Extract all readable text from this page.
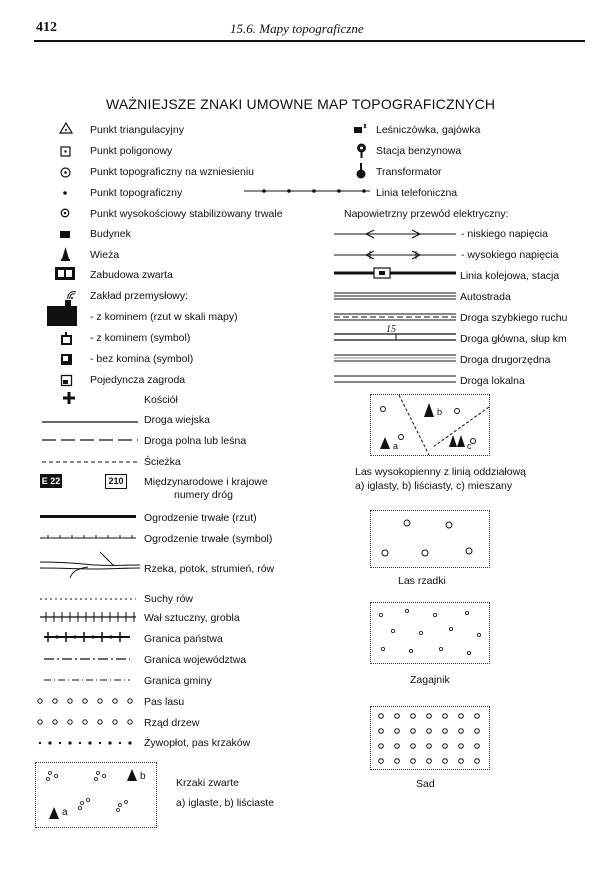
412	15.6. Mapy topograficzne
WAŻNIEJSZE ZNAKI UMOWNE MAP TOPOGRAFICZNYCH
Punkt triangulacyjny
Punkt poligonowy
Punkt topograficzny na wzniesieniu
Punkt topograficzny
Punkt wysokościowy stabilizowany trwale
Budynek
Wieża
Zabudowa zwarta
Zakład przemysłowy:
- z kominem (rzut w skali mapy)
- z kominem (symbol)
- bez komina (symbol)
Pojedyncza zagroda
Leśniczówka, gajówka
Stacja benzynowa
Transformator
Linia telefoniczna
Napowietrzny przewód elektryczny:
- niskiego napięcia
- wysokiego napięcia
Linia kolejowa, stacja
Autostrada
Droga szybkiego ruchu
15
Droga główna, słup km
Droga drugorzędna
Droga lokalna
Kościół
Droga wiejska
Droga polna lub leśna
Ścieżka
E 22	210	Międzynarodowe i krajowe
numery dróg
Ogrodzenie trwałe (rzut)
Ogrodzenie trwałe (symbol)
Rzeka, potok, strumień, rów
Suchy rów
Wał sztuczny, grobla
Granica państwa
Granica województwa
Granica gminy
Pas lasu
Rząd drzew
Żywopłot, pas krzaków
b
a
Krzaki zwarte
a) iglaste, b) liściaste
b
a	c
Las wysokopienny z linią oddziałową
a) iglasty, b) liściasty, c) mieszany
Las rzadki
Zagajnik
Sad
